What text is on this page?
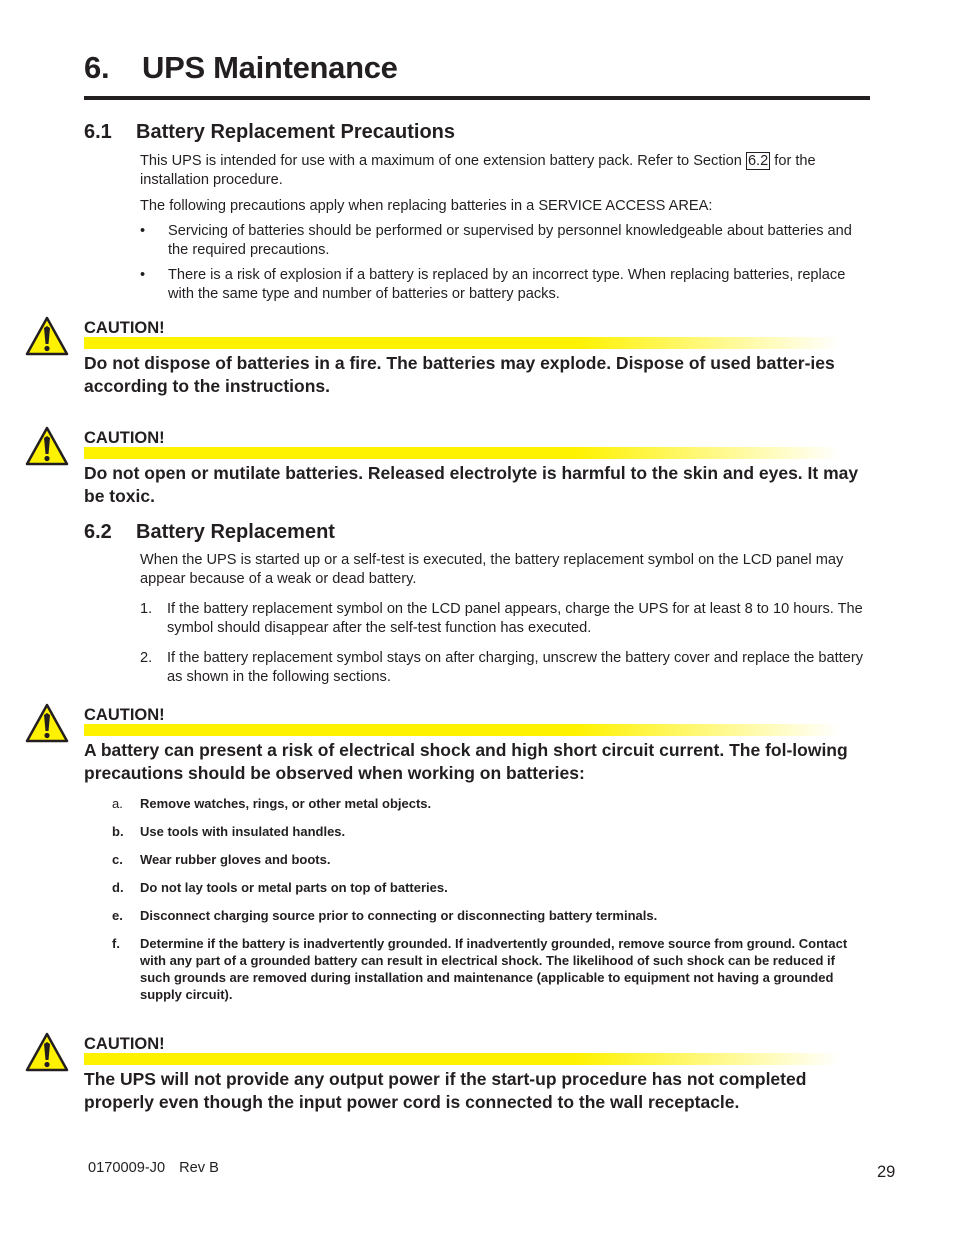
6. UPS Maintenance
6.1 Battery Replacement Precautions
This UPS is intended for use with a maximum of one extension battery pack. Refer to Section 6.2 for the installation procedure.
The following precautions apply when replacing batteries in a SERVICE ACCESS AREA:
• Servicing of batteries should be performed or supervised by personnel knowledgeable about batteries and the required precautions.
• There is a risk of explosion if a battery is replaced by an incorrect type. When replacing batteries, replace with the same type and number of batteries or battery packs.
CAUTION!
Do not dispose of batteries in a fire. The batteries may explode. Dispose of used batter-ies according to the instructions.
CAUTION!
Do not open or mutilate batteries. Released electrolyte is harmful to the skin and eyes. It may be toxic.
6.2 Battery Replacement
When the UPS is started up or a self-test is executed, the battery replacement symbol on the LCD panel may appear because of a weak or dead battery.
1. If the battery replacement symbol on the LCD panel appears, charge the UPS for at least 8 to 10 hours. The symbol should disappear after the self-test function has executed.
2. If the battery replacement symbol stays on after charging, unscrew the battery cover and replace the battery as shown in the following sections.
CAUTION!
A battery can present a risk of electrical shock and high short circuit current. The fol-lowing precautions should be observed when working on batteries:
a. Remove watches, rings, or other metal objects.
b. Use tools with insulated handles.
c. Wear rubber gloves and boots.
d. Do not lay tools or metal parts on top of batteries.
e. Disconnect charging source prior to connecting or disconnecting battery terminals.
f. Determine if the battery is inadvertently grounded. If inadvertently grounded, remove source from ground. Contact with any part of a grounded battery can result in electrical shock. The likelihood of such shock can be reduced if such grounds are removed during installation and maintenance (applicable to equipment not having a grounded supply circuit).
CAUTION!
The UPS will not provide any output power if the start-up procedure has not completed properly even though the input power cord is connected to the wall receptacle.
0170009-J0 Rev B	29
